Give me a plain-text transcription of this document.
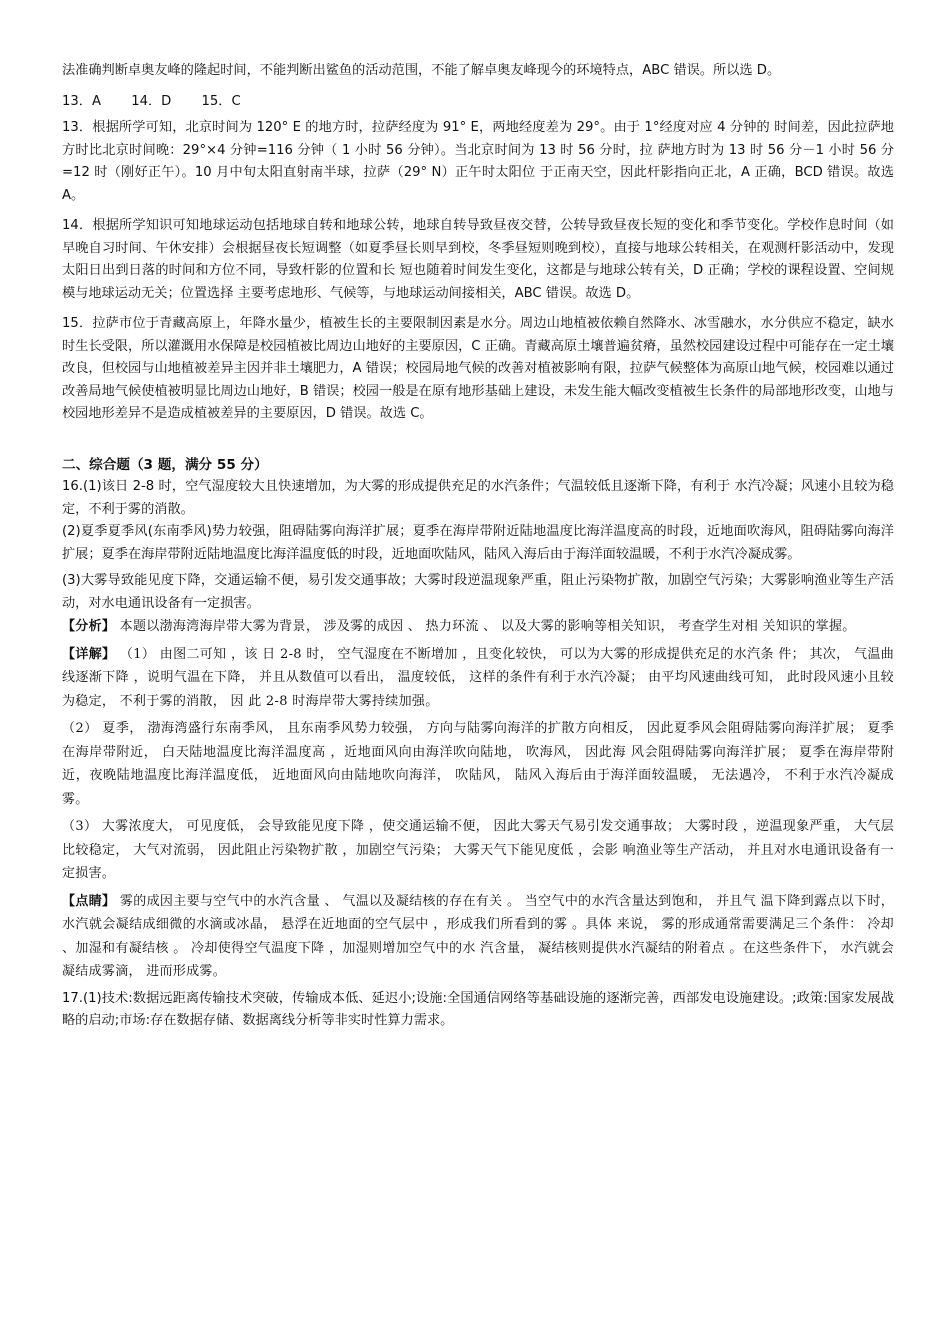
法准确判断卓奥友峰的隆起时间，不能判断出鲨鱼的活动范围，不能了解卓奥友峰现今的环境特点，ABC 错误。所以选 D。

13．A 14．D 15．C

13．根据所学可知，北京时间为 120° E 的地方时，拉萨经度为 91° E，两地经度差为 29°。由于 1°经度对应 4 分钟的 时间差，因此拉萨地方时比北京时间晚：29°×4 分钟=116 分钟（ 1 小时 56 分钟）。当北京时间为 13 时 56 分时，拉 萨地方时为 13 时 56 分－1 小时 56 分=12 时（刚好正午）。10 月中旬太阳直射南半球，拉萨（29° N）正午时太阳位 于正南天空，因此杆影指向正北，A 正确，BCD 错误。故选 A。

14．根据所学知识可知地球运动包括地球自转和地球公转，地球自转导致昼夜交替，公转导致昼夜长短的变化和季节变化。学校作息时间（如早晚自习时间、午休安排）会根据昼夜长短调整（如夏季昼长则早到校，冬季昼短则晚到校），直接与地球公转相关，在观测杆影活动中，发现太阳日出到日落的时间和方位不同，导致杆影的位置和长 短也随着时间发生变化，这都是与地球公转有关，D 正确；学校的课程设置、空间规模与地球运动无关；位置选择 主要考虑地形、气候等，与地球运动间接相关，ABC 错误。故选 D。

15．拉萨市位于青藏高原上，年降水量少，植被生长的主要限制因素是水分。周边山地植被依赖自然降水、冰雪融水，水分供应不稳定，缺水时生长受限，所以灌溉用水保障是校园植被比周边山地好的主要原因，C 正确。青藏高原土壤普遍贫瘠，虽然校园建设过程中可能存在一定土壤改良，但校园与山地植被差异主因并非土壤肥力，A 错误；校园局地气候的改善对植被影响有限，拉萨气候整体为高原山地气候，校园难以通过改善局地气候使植被明显比周边山地好，B 错误；校园一般是在原有地形基础上建设，未发生能大幅改变植被生长条件的局部地形改变，山地与校园地形差异不是造成植被差异的主要原因，D 错误。故选 C。

二、综合题（3 题，满分 55 分）

16.(1)该日 2-8 时，空气湿度较大且快速增加，为大雾的形成提供充足的水汽条件；气温较低且逐渐下降，有利于 水汽冷凝；风速小且较为稳定，不利于雾的消散。

(2)夏季夏季风(东南季风)势力较强，阻碍陆雾向海洋扩展；夏季在海岸带附近陆地温度比海洋温度高的时段，近地面吹海风，阻碍陆雾向海洋扩展；夏季在海岸带附近陆地温度比海洋温度低的时段，近地面吹陆风，陆风入海后由于海洋面较温暖，不利于水汽冷凝成雾。

(3)大雾导致能见度下降，交通运输不便，易引发交通事故；大雾时段逆温现象严重，阻止污染物扩散，加剧空气污染；大雾影响渔业等生产活动，对水电通讯设备有一定损害。

【分析】 本题以渤海湾海岸带大雾为背景， 涉及雾的成因 、 热力环流 、 以及大雾的影响等相关知识， 考查学生对相 关知识的掌握。

【详解】 （1） 由图二可知 ，该 日 2-8 时， 空气湿度在不断增加 ，且变化较快， 可以为大雾的形成提供充足的水汽条 件； 其次， 气温曲线逐渐下降 ，说明气温在下降， 并且从数值可以看出， 温度较低， 这样的条件有利于水汽冷凝； 由平均风速曲线可知， 此时段风速小且较为稳定， 不利于雾的消散， 因 此 2-8 时海岸带大雾持续加强。

（2） 夏季， 渤海湾盛行东南季风， 且东南季风势力较强， 方向与陆雾向海洋的扩散方向相反， 因此夏季风会阻碍陆雾向海洋扩展； 夏季在海岸带附近， 白天陆地温度比海洋温度高 ，近地面风向由海洋吹向陆地， 吹海风， 因此海 风会阻碍陆雾向海洋扩展； 夏季在海岸带附近，夜晚陆地温度比海洋温度低， 近地面风向由陆地吹向海洋， 吹陆风， 陆风入海后由于海洋面较温暖， 无法遇冷， 不利于水汽冷凝成雾。

（3） 大雾浓度大， 可见度低， 会导致能见度下降 ，使交通运输不便， 因此大雾天气易引发交通事故； 大雾时段 ，逆温现象严重， 大气层比较稳定， 大气对流弱， 因此阻止污染物扩散 ，加剧空气污染； 大雾天气下能见度低 ，会影 响渔业等生产活动， 并且对水电通讯设备有一定损害。

【点睛】 雾的成因主要与空气中的水汽含量 、 气温以及凝结核的存在有关 。 当空气中的水汽含量达到饱和， 并且气 温下降到露点以下时， 水汽就会凝结成细微的水滴或冰晶， 悬浮在近地面的空气层中 ，形成我们所看到的雾 。具体 来说， 雾的形成通常需要满足三个条件： 冷却 、加湿和有凝结核 。 冷却使得空气温度下降 ，加湿则增加空气中的水 汽含量， 凝结核则提供水汽凝结的附着点 。在这些条件下， 水汽就会凝结成雾滴， 进而形成雾。

17.(1)技术:数据远距离传输技术突破，传输成本低、延迟小;设施:全国通信网络等基础设施的逐渐完善，西部发电设施建设。;政策:国家发展战略的启动;市场:存在数据存储、数据离线分析等非实时性算力需求。
